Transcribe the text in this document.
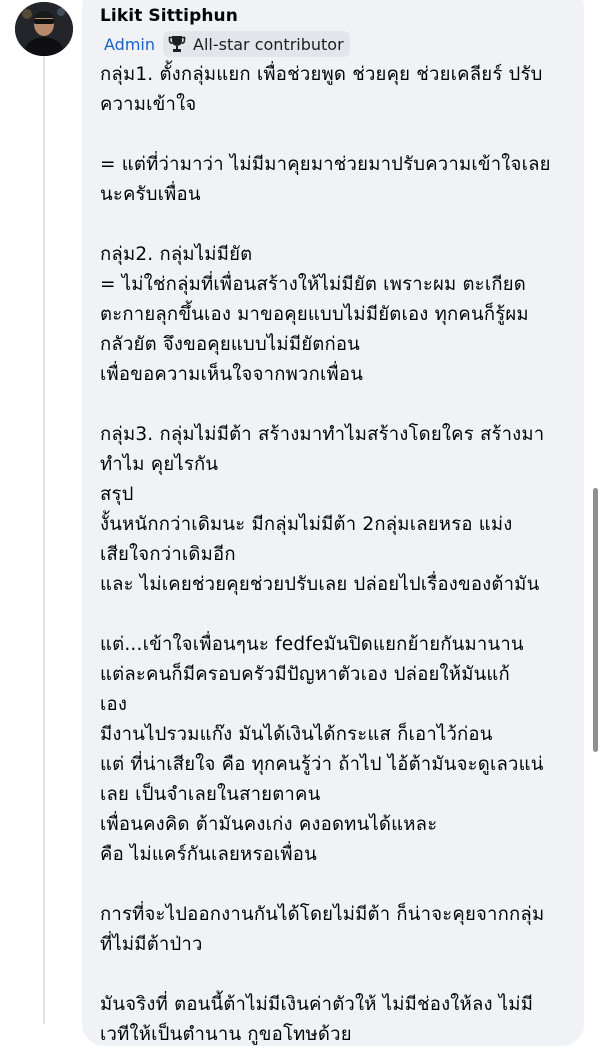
Likit Sittiphun
Admin All-star contributor
กลุ่ม1. ตั้งกลุ่มแยก เพื่อช่วยพูด ช่วยคุย ช่วยเคลียร์ ปรับ
ความเข้าใจ
= แต่ที่ว่ามาว่า ไม่มีมาคุยมาช่วยมาปรับความเข้าใจเลย
นะครับเพื่อน
กลุ่ม2. กลุ่มไม่มียัต
= ไม่ใช่กลุ่มที่เพื่อนสร้างให้ไม่มียัต เพราะผม ตะเกียด
ตะกายลุกขึ้นเอง มาขอคุยแบบไม่มียัตเอง ทุกคนก็รู้ผม
กลัวยัต จึงขอคุยแบบไม่มียัตก่อน
เพื่อขอความเห็นใจจากพวกเพื่อน
กลุ่ม3. กลุ่มไม่มีต้า สร้างมาทำไมสร้างโดยใคร สร้างมา
ทำไม คุยไรกัน
สรุป
งั้นหนักกว่าเดิมนะ มีกลุ่มไม่มีต้า 2กลุ่มเลยหรอ แม่ง
เสียใจกว่าเดิมอีก
และ ไม่เคยช่วยคุยช่วยปรับเลย ปล่อยไปเรื่องของต้ามัน
แต่...เข้าใจเพื่อนๆนะ fedfeมันปิดแยกย้ายกันมานาน
แต่ละคนก็มีครอบครัวมีปัญหาตัวเอง ปล่อยให้มันแก้
เอง
มีงานไปรวมแก๊ง มันได้เงินได้กระแส ก็เอาไว้ก่อน
แต่ ที่น่าเสียใจ คือ ทุกคนรู้ว่า ถ้าไป ไอ้ต้ามันจะดูเลวแน่
เลย เป็นจำเลยในสายตาคน
เพื่อนคงคิด ต้ามันคงเก่ง คงอดทนได้แหละ
คือ ไม่แคร์กันเลยหรอเพื่อน
การที่จะไปออกงานกันได้โดยไม่มีต้า ก็น่าจะคุยจากกลุ่ม
ที่ไม่มีต้าป่าว
มันจริงที่ ตอนนี้ต้าไม่มีเงินค่าตัวให้ ไม่มีช่องให้ลง ไม่มี
เวทีให้เป็นตำนาน กูขอโทษด้วย
